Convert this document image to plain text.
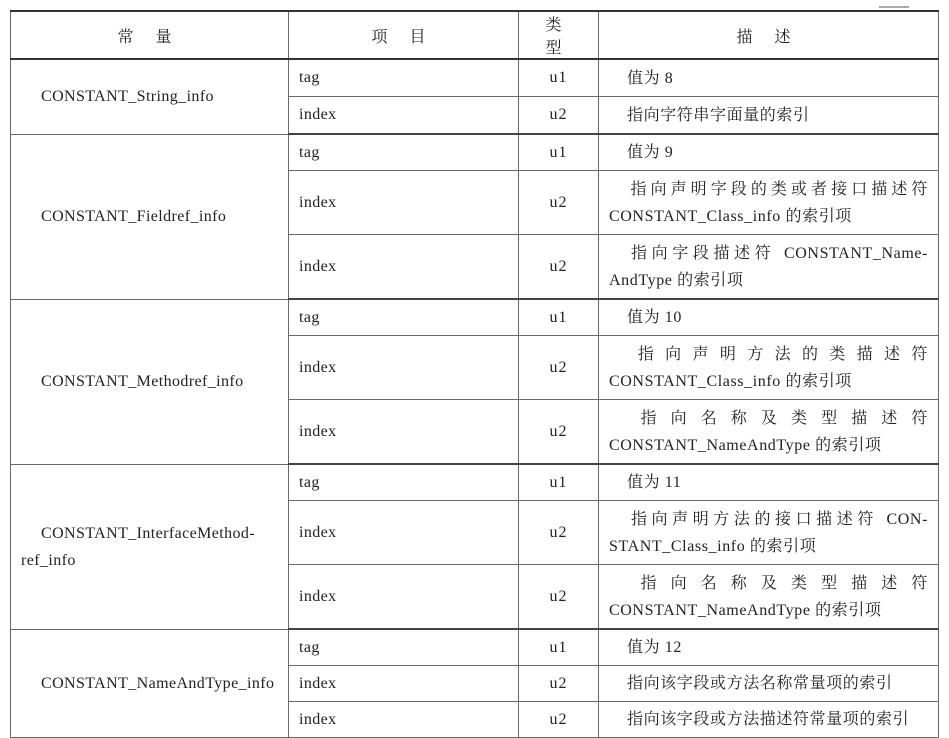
常量	项目	类型	描述
CONSTANT_String_info	tag	u1	值为 8
	index	u2	指向字符串字面量的索引
CONSTANT_Fieldref_info	tag	u1	值为 9
	index	u2	指向声明字段的类或者接口描述符 CONSTANT_Class_info 的索引项
	index	u2	指向字段描述符 CONSTANT_Name-AndType 的索引项
CONSTANT_Methodref_info	tag	u1	值为 10
	index	u2	指向声明方法的类描述符 CONSTANT_Class_info 的索引项
	index	u2	指向名称及类型描述符 CONSTANT_NameAndType 的索引项
CONSTANT_InterfaceMethod-ref_info	tag	u1	值为 11
	index	u2	指向声明方法的接口描述符 CON-STANT_Class_info 的索引项
	index	u2	指向名称及类型描述符 CONSTANT_NameAndType 的索引项
CONSTANT_NameAndType_info	tag	u1	值为 12
	index	u2	指向该字段或方法名称常量项的索引
	index	u2	指向该字段或方法描述符常量项的索引
